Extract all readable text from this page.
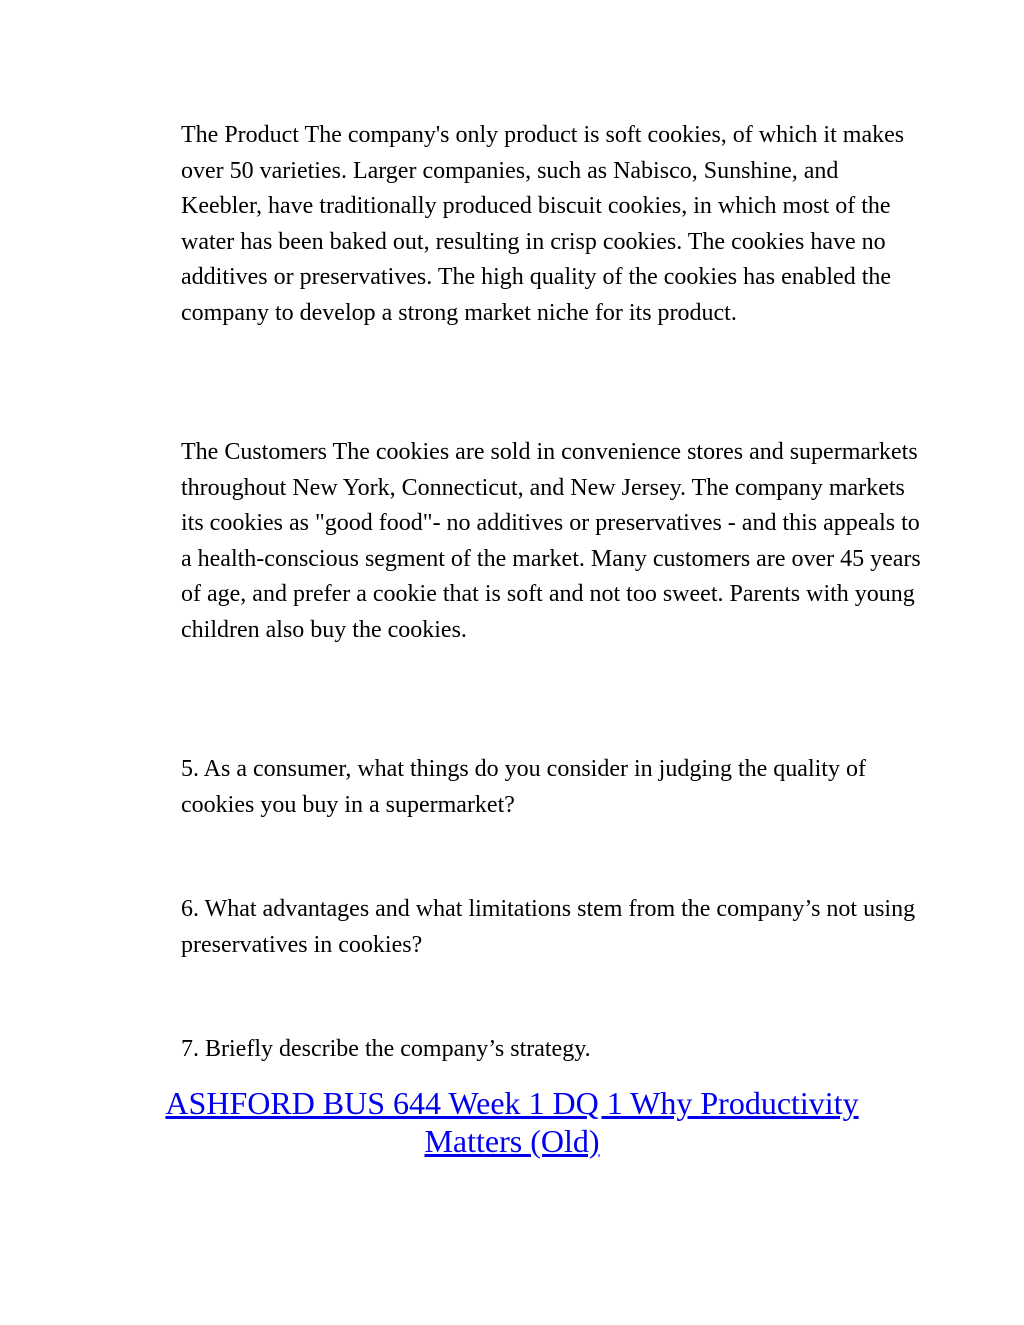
The Product The company's only product is soft cookies, of which it makes over 50 varieties. Larger companies, such as Nabisco, Sunshine, and Keebler, have traditionally produced biscuit cookies, in which most of the water has been baked out, resulting in crisp cookies. The cookies have no additives or preservatives. The high quality of the cookies has enabled the company to develop a strong market niche for its product.

The Customers The cookies are sold in convenience stores and supermarkets throughout New York, Connecticut, and New Jersey. The company markets its cookies as "good food"- no additives or preservatives - and this appeals to a health-conscious segment of the market. Many customers are over 45 years of age, and prefer a cookie that is soft and not too sweet. Parents with young children also buy the cookies.

5. As a consumer, what things do you consider in judging the quality of cookies you buy in a supermarket?

6. What advantages and what limitations stem from the company’s not using preservatives in cookies?

7. Briefly describe the company’s strategy.

ASHFORD BUS 644 Week 1 DQ 1 Why Productivity Matters (Old)
